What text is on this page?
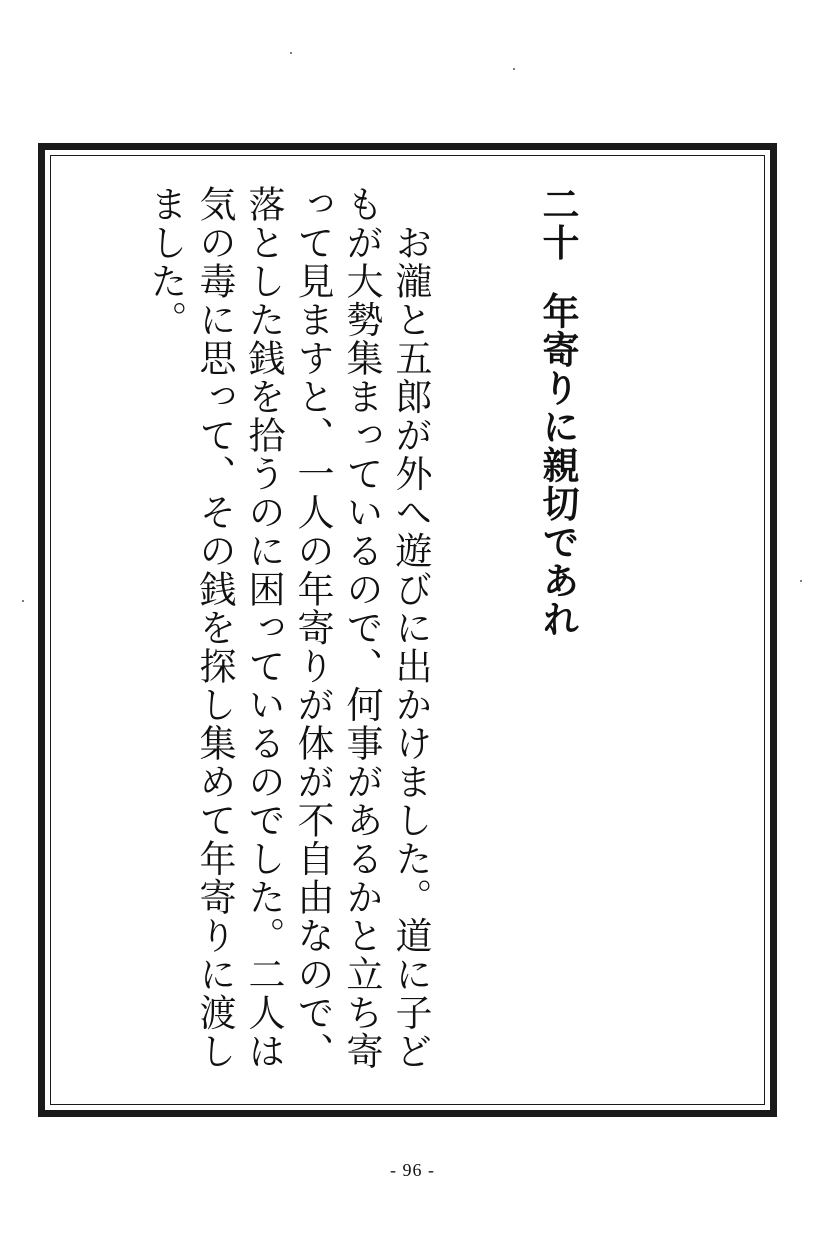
二十年寄りに親切であれ

　お瀧と五郎が外へ遊びに出かけました。道に子どもが大勢集まっているので、何事があるかと立ち寄って見ますと、一人の年寄りが体が不自由なので、落とした銭を拾うのに困っているのでした。二人は気の毒に思って、その銭を探し集めて年寄りに渡しました。

- 96 -
